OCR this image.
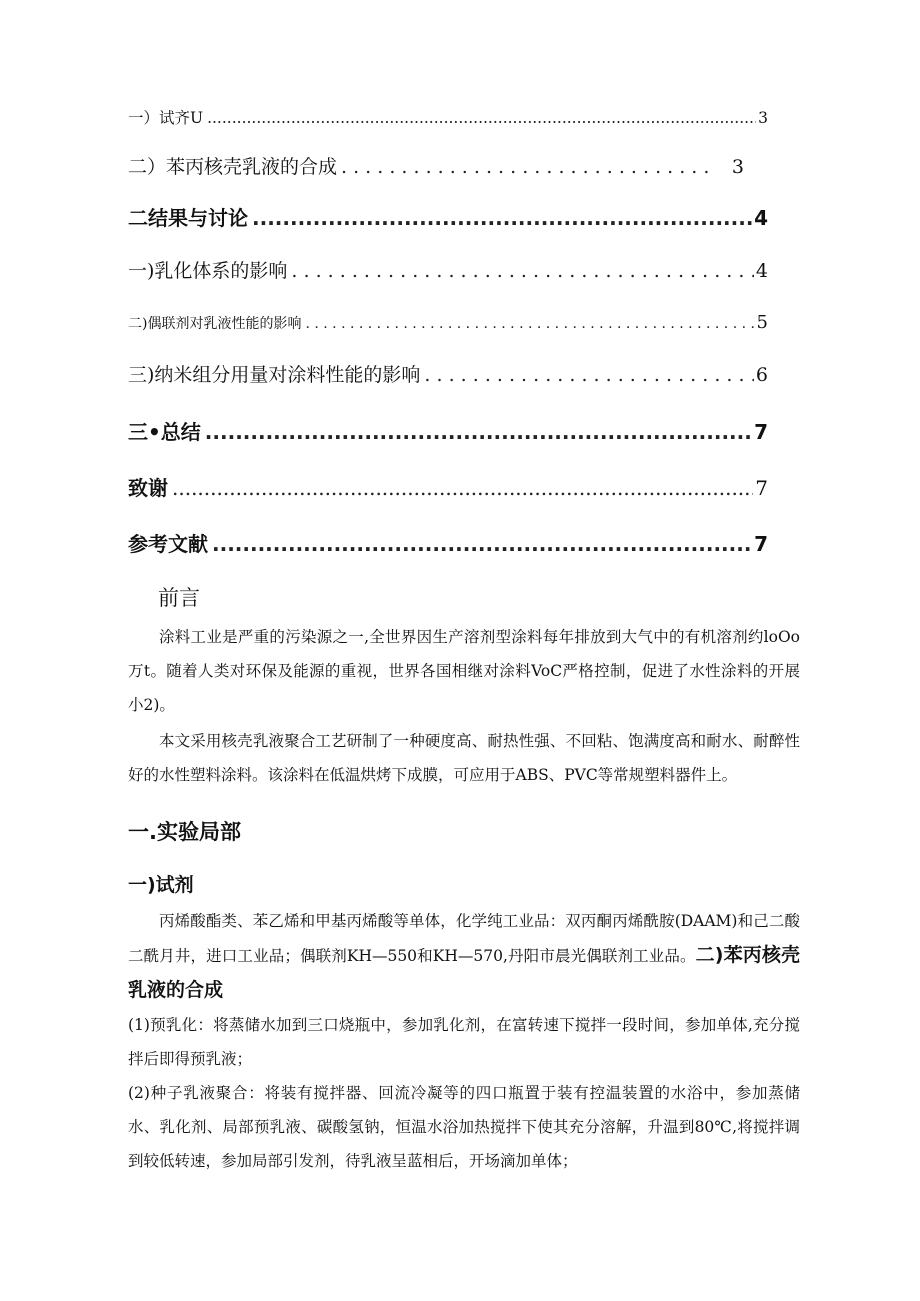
一）试齐U .....	3
二）苯丙核壳乳液的合成 . . .	3
二结果与讨论 .....	4
一)乳化体系的影响 . . .	4
二)偶联剂对乳液性能的影响 . . .	5
三)纳米组分用量对涂料性能的影响 . . .	6
三•总结 .....	7
致谢 .....	7
参考文献 .....	7
前言

涂料工业是严重的污染源之一,全世界因生产溶剂型涂料每年排放到大气中的有机溶剂约loOo万t。随着人类对环保及能源的重视，世界各国相继对涂料VoC严格控制，促进了水性涂料的开展小2)。

本文采用核壳乳液聚合工艺研制了一种硬度高、耐热性强、不回粘、饱满度高和耐水、耐醉性好的水性塑料涂料。该涂料在低温烘烤下成膜，可应用于ABS、PVC等常规塑料器件上。

一.实验局部
一)试剂

丙烯酸酯类、苯乙烯和甲基丙烯酸等单体，化学纯工业品：双丙酮丙烯酰胺(DAAM)和己二酸二酰月井，进口工业品；偶联剂KH—550和KH—570,丹阳市晨光偶联剂工业品。二)苯丙核壳乳液的合成

(1)预乳化：将蒸储水加到三口烧瓶中，参加乳化剂，在富转速下搅拌一段时间，参加单体,充分搅拌后即得预乳液；

(2)种子乳液聚合：将装有搅拌器、回流冷凝等的四口瓶置于装有控温装置的水浴中，参加蒸储水、乳化剂、局部预乳液、碳酸氢钠，恒温水浴加热搅拌下使其充分溶解，升温到80℃,将搅拌调到较低转速，参加局部引发剂，待乳液呈蓝相后，开场滴加单体；
